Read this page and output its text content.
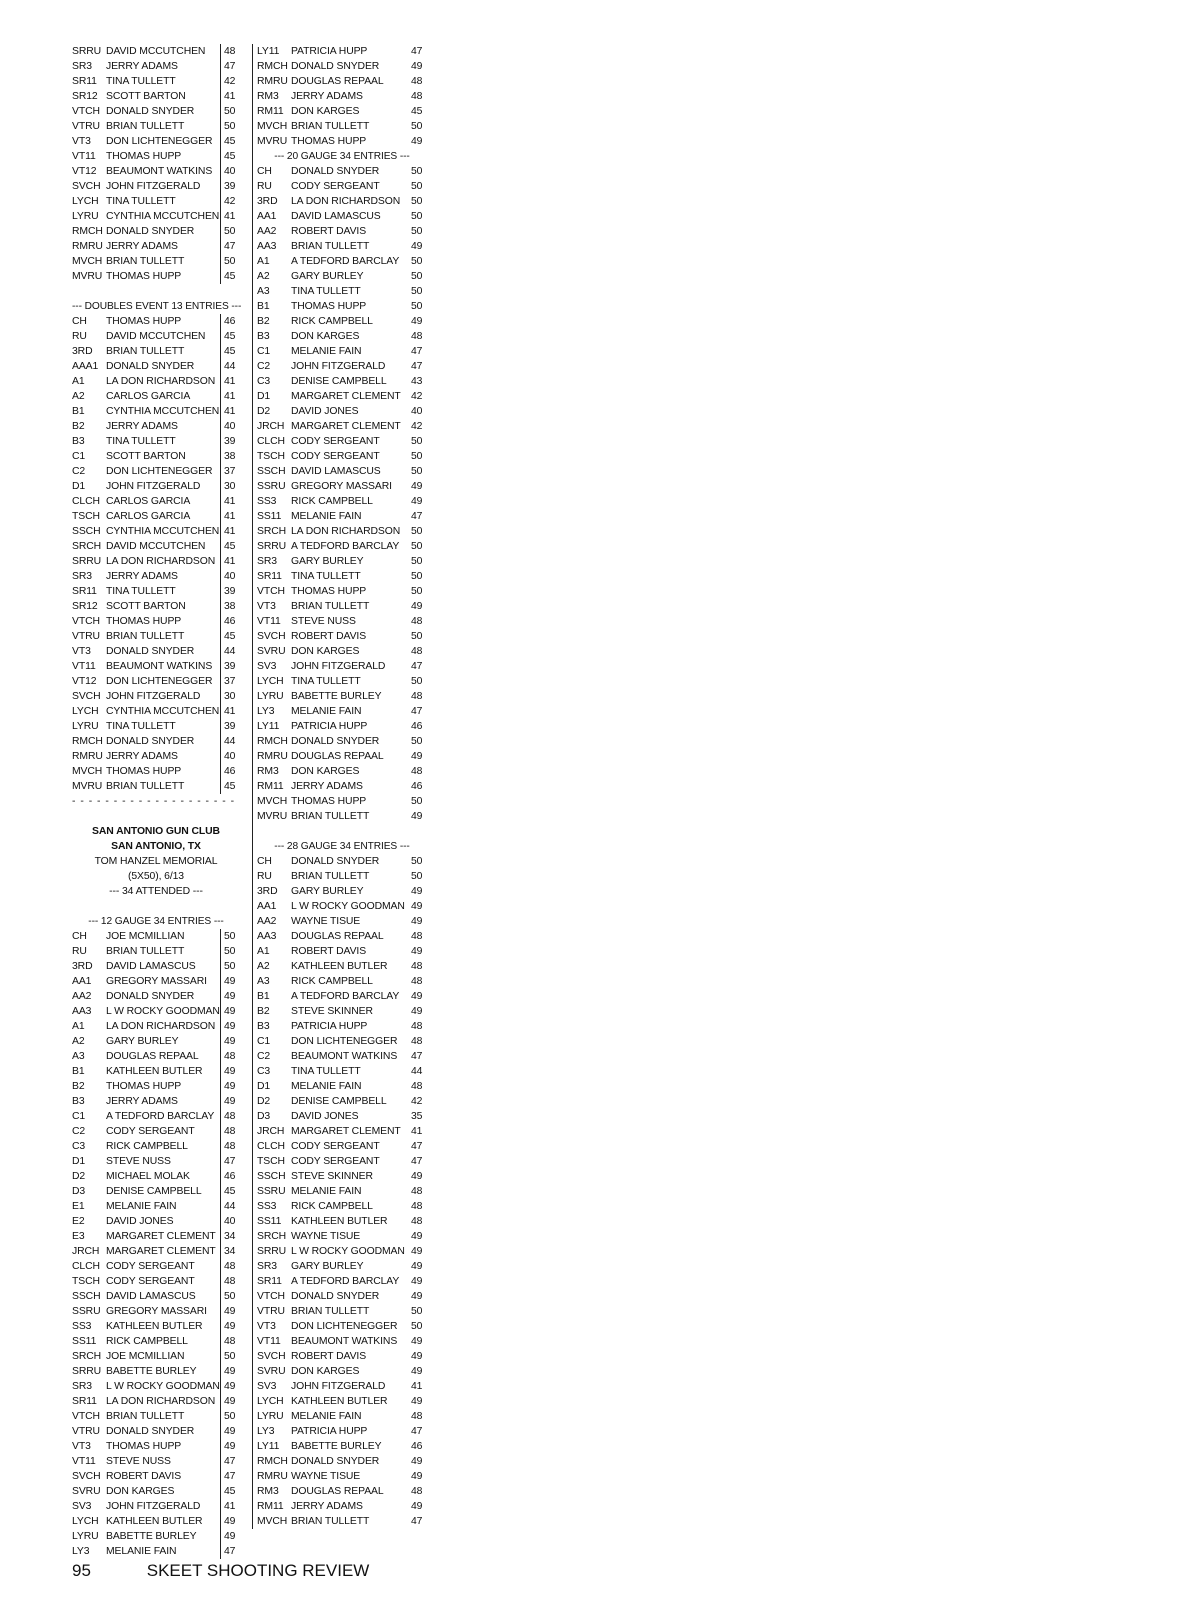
SRRU DAVID MCCUTCHEN	48
SR3	JERRY ADAMS	47
SR11 TINA TULLETT	42
SR12 SCOTT BARTON	41
VTCH DONALD SNYDER	50
VTRU BRIAN TULLETT	50
VT3	DON LICHTENEGGER	45
VT11 THOMAS HUPP	45
VT12 BEAUMONT WATKINS	40
SVCH JOHN FITZGERALD	39
LYCH TINA TULLETT	42
LYRU CYNTHIA MCCUTCHEN 41
RMCH DONALD SNYDER	50
RMRU JERRY ADAMS	47
MVCH BRIAN TULLETT	50
MVRU THOMAS HUPP	45
--- DOUBLES EVENT 13 ENTRIES ---
CH	THOMAS HUPP	46
RU	DAVID MCCUTCHEN	45
3RD	BRIAN TULLETT	45
AAA1 DONALD SNYDER	44
A1	LA DON RICHARDSON 41
A2	CARLOS GARCIA	41
B1	CYNTHIA MCCUTCHEN 41
B2	JERRY ADAMS	40
B3	TINA TULLETT	39
C1	SCOTT BARTON	38
C2	DON LICHTENEGGER	37
D1	JOHN FITZGERALD	30
CLCH CARLOS GARCIA	41
TSCH CARLOS GARCIA	41
SSCH CYNTHIA MCCUTCHEN 41
SRCH DAVID MCCUTCHEN	45
SRRU LA DON RICHARDSON 41
SR3	JERRY ADAMS	40
SR11 TINA TULLETT	39
SR12 SCOTT BARTON	38
VTCH THOMAS HUPP	46
VTRU BRIAN TULLETT	45
VT3	DONALD SNYDER	44
VT11 BEAUMONT WATKINS	39
VT12 DON LICHTENEGGER	37
SVCH JOHN FITZGERALD	30
LYCH CYNTHIA MCCUTCHEN 41
LYRU TINA TULLETT	39
RMCH DONALD SNYDER	44
RMRU JERRY ADAMS	40
MVCH THOMAS HUPP	46
MVRU BRIAN TULLETT	45
- - - - - - - - - - - - - - - - - - - -
SAN ANTONIO GUN CLUB
SAN ANTONIO, TX
TOM HANZEL MEMORIAL
(5X50), 6/13
--- 34 ATTENDED ---
--- 12 GAUGE 34 ENTRIES ---
CH	JOE MCMILLIAN	50
RU	BRIAN TULLETT	50
3RD	DAVID LAMASCUS	50
AA1	GREGORY MASSARI	49
AA2	DONALD SNYDER	49
AA3	L W ROCKY GOODMAN 49
A1	LA DON RICHARDSON 49
A2	GARY BURLEY	49
A3	DOUGLAS REPAAL	48
B1	KATHLEEN BUTLER	49
B2	THOMAS HUPP	49
B3	JERRY ADAMS	49
C1	A TEDFORD BARCLAY 48
C2	CODY SERGEANT	48
C3	RICK CAMPBELL	48
D1	STEVE NUSS	47
D2	MICHAEL MOLAK	46
D3	DENISE CAMPBELL	45
E1	MELANIE FAIN	44
E2	DAVID JONES	40
E3	MARGARET CLEMENT 34
JRCH MARGARET CLEMENT 34
CLCH CODY SERGEANT	48
TSCH CODY SERGEANT	48
SSCH DAVID LAMASCUS	50
SSRU GREGORY MASSARI	49
SS3	KATHLEEN BUTLER	49
SS11 RICK CAMPBELL	48
SRCH JOE MCMILLIAN	50
SRRU BABETTE BURLEY	49
SR3	L W ROCKY GOODMAN 49
SR11 LA DON RICHARDSON 49
VTCH BRIAN TULLETT	50
VTRU DONALD SNYDER	49
VT3	THOMAS HUPP	49
VT11 STEVE NUSS	47
SVCH ROBERT DAVIS	47
SVRU DON KARGES	45
SV3	JOHN FITZGERALD	41
LYCH KATHLEEN BUTLER	49
LYRU BABETTE BURLEY	49
LY3	MELANIE FAIN	47
LY11	PATRICIA HUPP	47
RMCH DONALD SNYDER	49
RMRU DOUGLAS REPAAL	48
RM3	JERRY ADAMS	48
RM11 DON KARGES	45
MVCH BRIAN TULLETT	50
MVRU THOMAS HUPP	49
--- 20 GAUGE 34 ENTRIES ---
CH	DONALD SNYDER	50
RU	CODY SERGEANT	50
3RD	LA DON RICHARDSON	50
AA1	DAVID LAMASCUS	50
AA2	ROBERT DAVIS	50
AA3	BRIAN TULLETT	49
A1	A TEDFORD BARCLAY	50
A2	GARY BURLEY	50
A3	TINA TULLETT	50
B1	THOMAS HUPP	50
B2	RICK CAMPBELL	49
B3	DON KARGES	48
C1	MELANIE FAIN	47
C2	JOHN FITZGERALD	47
C3	DENISE CAMPBELL	43
D1	MARGARET CLEMENT 42
D2	DAVID JONES	40
JRCH MARGARET CLEMENT 42
CLCH CODY SERGEANT	50
TSCH CODY SERGEANT	50
SSCH DAVID LAMASCUS	50
SSRU GREGORY MASSARI	49
SS3	RICK CAMPBELL	49
SS11 MELANIE FAIN	47
SRCH LA DON RICHARDSON	50
SRRU A TEDFORD BARCLAY	50
SR3	GARY BURLEY	50
SR11 TINA TULLETT	50
VTCH THOMAS HUPP	50
VT3	BRIAN TULLETT	49
VT11 STEVE NUSS	48
SVCH ROBERT DAVIS	50
SVRU DON KARGES	48
SV3	JOHN FITZGERALD	47
LYCH TINA TULLETT	50
LYRU BABETTE BURLEY	48
LY3	MELANIE FAIN	47
LY11	PATRICIA HUPP	46
RMCH DONALD SNYDER	50
RMRU DOUGLAS REPAAL	49
RM3	DON KARGES	48
RM11 JERRY ADAMS	46
MVCH THOMAS HUPP	50
MVRU BRIAN TULLETT	49
--- 28 GAUGE 34 ENTRIES ---
CH	DONALD SNYDER	50
RU	BRIAN TULLETT	50
3RD	GARY BURLEY	49
AA1	L W ROCKY GOODMAN 49
AA2	WAYNE TISUE	49
AA3	DOUGLAS REPAAL	48
A1	ROBERT DAVIS	49
A2	KATHLEEN BUTLER	48
A3	RICK CAMPBELL	48
B1	A TEDFORD BARCLAY	49
B2	STEVE SKINNER	49
B3	PATRICIA HUPP	48
C1	DON LICHTENEGGER	48
C2	BEAUMONT WATKINS	47
C3	TINA TULLETT	44
D1	MELANIE FAIN	48
D2	DENISE CAMPBELL	42
D3	DAVID JONES	35
JRCH MARGARET CLEMENT 41
CLCH CODY SERGEANT	47
TSCH CODY SERGEANT	47
SSCH STEVE SKINNER	49
SSRU MELANIE FAIN	48
SS3	RICK CAMPBELL	48
SS11 KATHLEEN BUTLER	48
SRCH WAYNE TISUE	49
SRRU L W ROCKY GOODMAN 49
SR3	GARY BURLEY	49
SR11 A TEDFORD BARCLAY	49
VTCH DONALD SNYDER	49
VTRU BRIAN TULLETT	50
VT3	DON LICHTENEGGER	50
VT11 BEAUMONT WATKINS	49
SVCH ROBERT DAVIS	49
SVRU DON KARGES	49
SV3	JOHN FITZGERALD	41
LYCH KATHLEEN BUTLER	49
LYRU MELANIE FAIN	48
LY3	PATRICIA HUPP	47
LY11	BABETTE BURLEY	46
RMCH DONALD SNYDER	49
RMRU WAYNE TISUE	49
RM3	DOUGLAS REPAAL	48
RM11 JERRY ADAMS	49
MVCH BRIAN TULLETT	47
95	SKEET SHOOTING REVIEW
